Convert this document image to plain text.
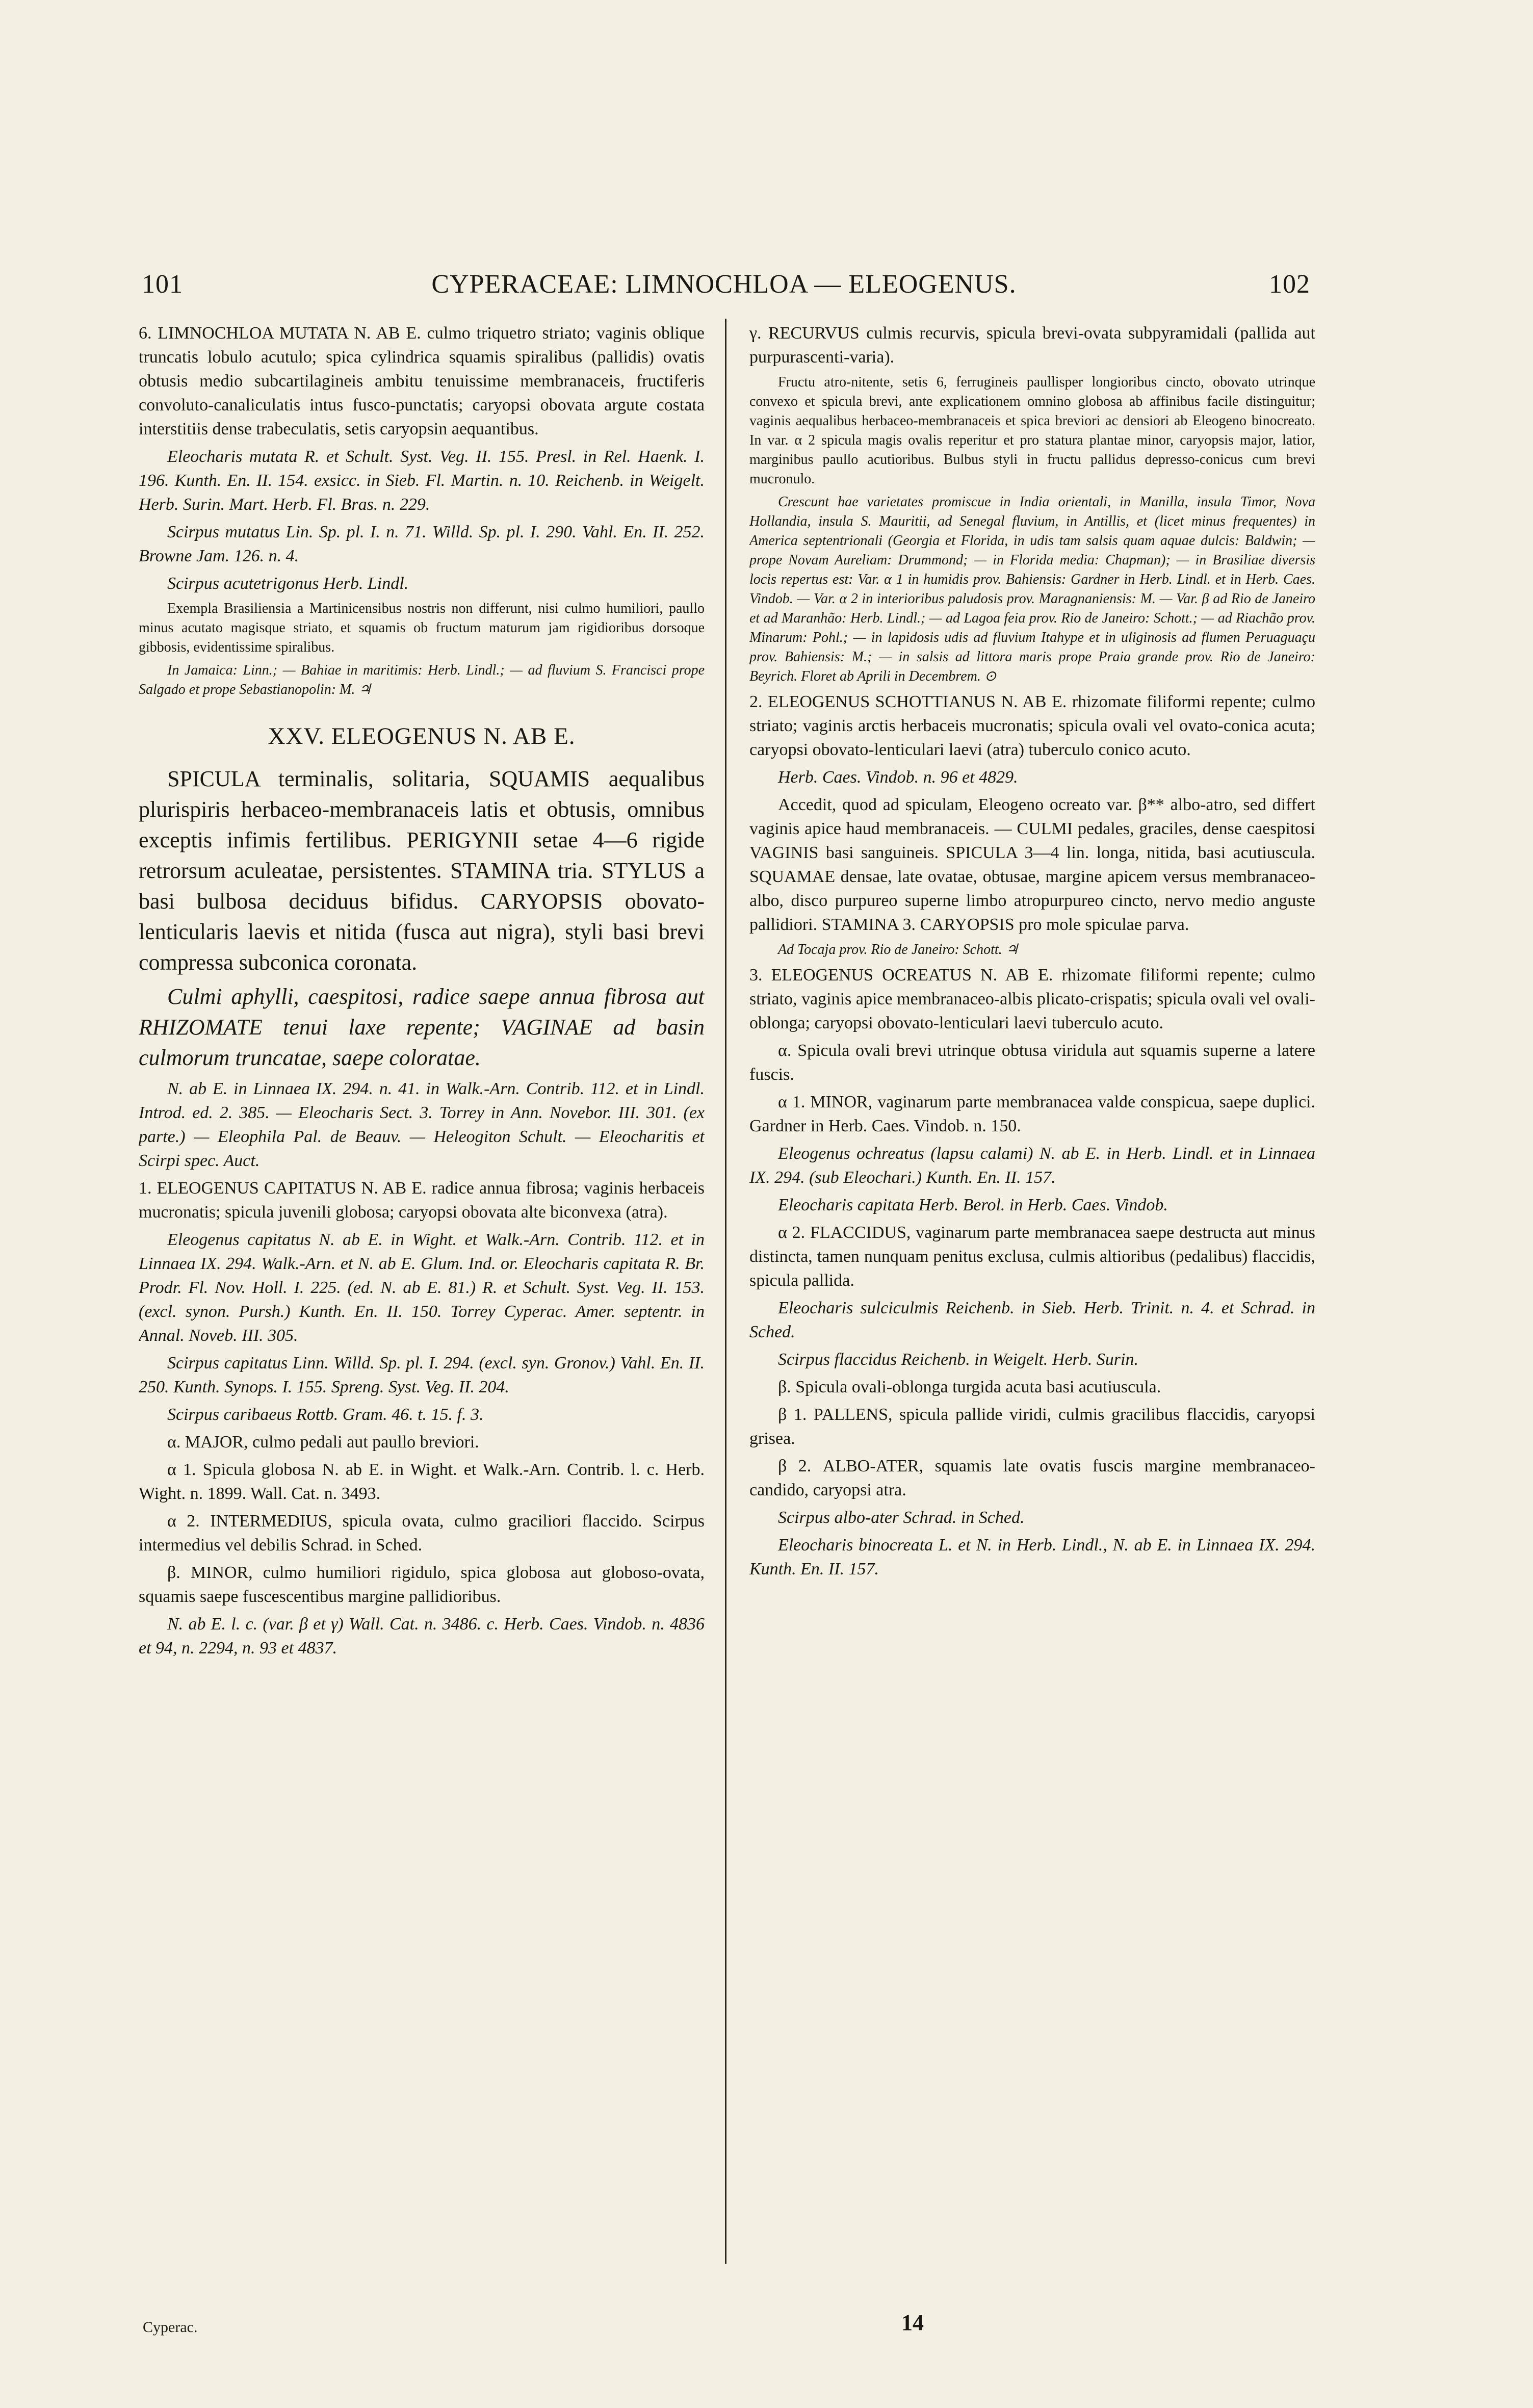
101	CYPERACEAE: LIMNOCHLOA — ELEOGENUS.	102

6. LIMNOCHLOA MUTATA N. AB E. culmo triquetro striato; vaginis oblique truncatis lobulo acutulo; spica cylindrica squamis spiralibus (pallidis) ovatis obtusis medio subcartilagineis ambitu tenuissime membranaceis, fructiferis convoluto-canaliculatis intus fusco-punctatis; caryopsi obovata argute costata interstitiis dense trabeculatis, setis caryopsin aequantibus.

Eleocharis mutata R. et Schult. Syst. Veg. II. 155. Presl. in Rel. Haenk. I. 196. Kunth. En. II. 154. exsicc. in Sieb. Fl. Martin. n. 10. Reichenb. in Weigelt. Herb. Surin. Mart. Herb. Fl. Bras. n. 229.

Scirpus mutatus Lin. Sp. pl. I. n. 71. Willd. Sp. pl. I. 290. Vahl. En. II. 252. Browne Jam. 126. n. 4.

Scirpus acutetrigonus Herb. Lindl.

Exempla Brasiliensia a Martinicensibus nostris non differunt, nisi culmo humiliori, paullo minus acutato magisque striato, et squamis ob fructum maturum jam rigidioribus dorsoque gibbosis, evidentissime spiralibus.

In Jamaica: Linn.; — Bahiae in maritimis: Herb. Lindl.; — ad fluvium S. Francisci prope Salgado et prope Sebastianopolin: M. ♃

XXV. ELEOGENUS N. AB E.

SPICULA terminalis, solitaria, SQUAMIS aequalibus plurispiris herbaceo-membranaceis latis et obtusis, omnibus exceptis infimis fertilibus. PERIGYNII setae 4—6 rigide retrorsum aculeatae, persistentes. STAMINA tria. STYLUS a basi bulbosa deciduus bifidus. CARYOPSIS obovato-lenticularis laevis et nitida (fusca aut nigra), styli basi brevi compressa subconica coronata.

Culmi aphylli, caespitosi, radice saepe annua fibrosa aut RHIZOMATE tenui laxe repente; VAGINAE ad basin culmorum truncatae, saepe coloratae.

N. ab E. in Linnaea IX. 294. n. 41. in Walk.-Arn. Contrib. 112. et in Lindl. Introd. ed. 2. 385. — Eleocharis Sect. 3. Torrey in Ann. Novebor. III. 301. (ex parte.) — Eleophila Pal. de Beauv. — Heleogiton Schult. — Eleocharitis et Scirpi spec. Auct.

1. ELEOGENUS CAPITATUS N. AB E. radice annua fibrosa; vaginis herbaceis mucronatis; spicula juvenili globosa; caryopsi obovata alte biconvexa (atra).

Eleogenus capitatus N. ab E. in Wight. et Walk.-Arn. Contrib. 112. et in Linnaea IX. 294. Walk.-Arn. et N. ab E. Glum. Ind. or. Eleocharis capitata R. Br. Prodr. Fl. Nov. Holl. I. 225. (ed. N. ab E. 81.) R. et Schult. Syst. Veg. II. 153. (excl. synon. Pursh.) Kunth. En. II. 150. Torrey Cyperac. Amer. septentr. in Annal. Noveb. III. 305.

Scirpus capitatus Linn. Willd. Sp. pl. I. 294. (excl. syn. Gronov.) Vahl. En. II. 250. Kunth. Synops. I. 155. Spreng. Syst. Veg. II. 204.

Scirpus caribaeus Rottb. Gram. 46. t. 15. f. 3.

α. MAJOR, culmo pedali aut paullo breviori.

α 1. Spicula globosa N. ab E. in Wight. et Walk.-Arn. Contrib. l. c. Herb. Wight. n. 1899. Wall. Cat. n. 3493.

α 2. INTERMEDIUS, spicula ovata, culmo graciliori flaccido. Scirpus intermedius vel debilis Schrad. in Sched.

β. MINOR, culmo humiliori rigidulo, spica globosa aut globoso-ovata, squamis saepe fuscescentibus margine pallidioribus.

N. ab E. l. c. (var. β et γ) Wall. Cat. n. 3486. c. Herb. Caes. Vindob. n. 4836 et 94, n. 2294, n. 93 et 4837.

γ. RECURVUS culmis recurvis, spicula brevi-ovata subpyramidali (pallida aut purpurascenti-varia).

Fructu atro-nitente, setis 6, ferrugineis paullisper longioribus cincto, obovato utrinque convexo et spicula brevi, ante explicationem omnino globosa ab affinibus facile distinguitur; vaginis aequalibus herbaceo-membranaceis et spica breviori ac densiori ab Eleogeno binocreato. In var. α 2 spicula magis ovalis reperitur et pro statura plantae minor, caryopsis major, latior, marginibus paullo acutioribus. Bulbus styli in fructu pallidus depresso-conicus cum brevi mucronulo.

Crescunt hae varietates promiscue in India orientali, in Manilla, insula Timor, Nova Hollandia, insula S. Mauritii, ad Senegal fluvium, in Antillis, et (licet minus frequentes) in America septentrionali (Georgia et Florida, in udis tam salsis quam aquae dulcis: Baldwin; — prope Novam Aureliam: Drummond; — in Florida media: Chapman); — in Brasiliae diversis locis repertus est: Var. α 1 in humidis prov. Bahiensis: Gardner in Herb. Lindl. et in Herb. Caes. Vindob. — Var. α 2 in interioribus paludosis prov. Maragnaniensis: M. — Var. β ad Rio de Janeiro et ad Maranhão: Herb. Lindl.; — ad Lagoa feia prov. Rio de Janeiro: Schott.; — ad Riachão prov. Minarum: Pohl.; — in lapidosis udis ad fluvium Itahype et in uliginosis ad flumen Peruaguaçu prov. Bahiensis: M.; — in salsis ad littora maris prope Praia grande prov. Rio de Janeiro: Beyrich. Floret ab Aprili in Decembrem. ⊙

2. ELEOGENUS SCHOTTIANUS N. AB E. rhizomate filiformi repente; culmo striato; vaginis arctis herbaceis mucronatis; spicula ovali vel ovato-conica acuta; caryopsi obovato-lenticulari laevi (atra) tuberculo conico acuto.

Herb. Caes. Vindob. n. 96 et 4829.

Accedit, quod ad spiculam, Eleogeno ocreato var. β** albo-atro, sed differt vaginis apice haud membranaceis. — CULMI pedales, graciles, dense caespitosi VAGINIS basi sanguineis. SPICULA 3—4 lin. longa, nitida, basi acutiuscula. SQUAMAE densae, late ovatae, obtusae, margine apicem versus membranaceo-albo, disco purpureo superne limbo atropurpureo cincto, nervo medio anguste pallidiori. STAMINA 3. CARYOPSIS pro mole spiculae parva.

Ad Tocaja prov. Rio de Janeiro: Schott. ♃

3. ELEOGENUS OCREATUS N. AB E. rhizomate filiformi repente; culmo striato, vaginis apice membranaceo-albis plicato-crispatis; spicula ovali vel ovali-oblonga; caryopsi obovato-lenticulari laevi tuberculo acuto.

α. Spicula ovali brevi utrinque obtusa viridula aut squamis superne a latere fuscis.

α 1. MINOR, vaginarum parte membranacea valde conspicua, saepe duplici. Gardner in Herb. Caes. Vindob. n. 150.

Eleogenus ochreatus (lapsu calami) N. ab E. in Herb. Lindl. et in Linnaea IX. 294. (sub Eleochari.) Kunth. En. II. 157.

Eleocharis capitata Herb. Berol. in Herb. Caes. Vindob.

α 2. FLACCIDUS, vaginarum parte membranacea saepe destructa aut minus distincta, tamen nunquam penitus exclusa, culmis altioribus (pedalibus) flaccidis, spicula pallida.

Eleocharis sulciculmis Reichenb. in Sieb. Herb. Trinit. n. 4. et Schrad. in Sched.

Scirpus flaccidus Reichenb. in Weigelt. Herb. Surin.

β. Spicula ovali-oblonga turgida acuta basi acutiuscula.

β 1. PALLENS, spicula pallide viridi, culmis gracilibus flaccidis, caryopsi grisea.

β 2. ALBO-ATER, squamis late ovatis fuscis margine membranaceo-candido, caryopsi atra.

Scirpus albo-ater Schrad. in Sched.

Eleocharis binocreata L. et N. in Herb. Lindl., N. ab E. in Linnaea IX. 294. Kunth. En. II. 157.

Cyperac.	14
